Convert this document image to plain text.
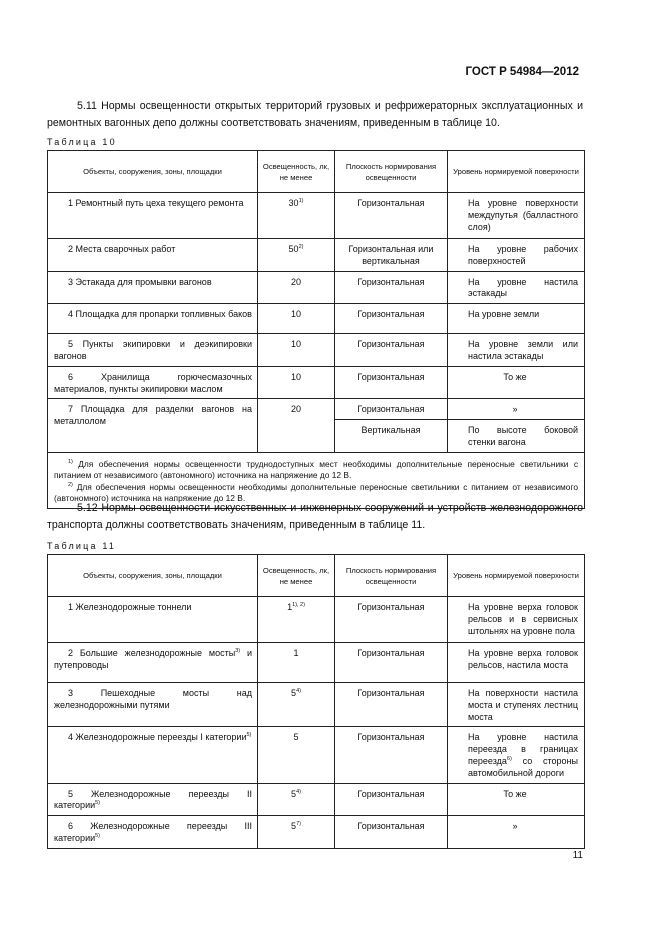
ГОСТ Р 54984—2012
5.11 Нормы освещенности открытых территорий грузовых и рефрижераторных эксплуатационных и ремонтных вагонных депо должны соответствовать значениям, приведенным в таблице 10.
Таблица 10
Объекты, сооружения, зоны, площадки	Освещенность, лк, не менее	Плоскость нормирования освещенности	Уровень нормируемой поверхности
1 Ремонтный путь цеха текущего ремонта	30$^{1)}$	Горизонтальная	На уровне поверхности междупутья (балластного слоя)
2 Места сварочных работ	50$^{2)}$	Горизонтальная или вертикальная	На уровне рабочих поверхностей
3 Эстакада для промывки вагонов	20	Горизонтальная	На уровне настила эстакады
4 Площадка для пропарки топливных баков	10	Горизонтальная	На уровне земли
5 Пункты экипировки и деэкипировки вагонов	10	Горизонтальная	На уровне земли или настила эстакады
6 Хранилища горючесмазочных материалов, пункты экипировки маслом	10	Горизонтальная	То же
7 Площадка для разделки вагонов на металлолом	20	Горизонтальная	»
		Вертикальная	По высоте боковой стенки вагона

$^{1)}$ Для обеспечения нормы освещенности труднодоступных мест необходимы дополнительные переносные светильники с питанием от независимого (автономного) источника на напряжение до 12 В.
$^{2)}$ Для обеспечения нормы освещенности необходимы дополнительные переносные светильники с питанием от независимого (автономного) источника на напряжение до 12 В.			
5.12 Нормы освещенности искусственных и инженерных сооружений и устройств железнодорожного транспорта должны соответствовать значениям, приведенным в таблице 11.
Таблица 11
Объекты, сооружения, зоны, площадки	Освещенность, лк, не менее	Плоскость нормирования освещенности	Уровень нормируемой поверхности
1 Железнодорожные тоннели	$1^{1), 2)}$	Горизонтальная	На уровне верха головок рельсов и в сервисных штольнях на уровне пола
2 Большие железнодорожные мосты$^{3)}$ и путепроводы	1	Горизонтальная	На уровне верха головок рельсов, настила моста
3 Пешеходные мосты над железнодорожными путями	5$^{4)}$	Горизонтальная	На поверхности настила моста и ступенях лестниц моста
4 Железнодорожные переезды I категории$^{5)}$	5	Горизонтальная	На уровне настила переезда в границах переезда$^{6)}$ со стороны автомобильной дороги
5 Железнодорожные переезды II категории$^{5)}$	5$^{4)}$	Горизонтальная	То же
6 Железнодорожные переезды III категории$^{5)}$	5$^{7)}$	Горизонтальная	»
11
